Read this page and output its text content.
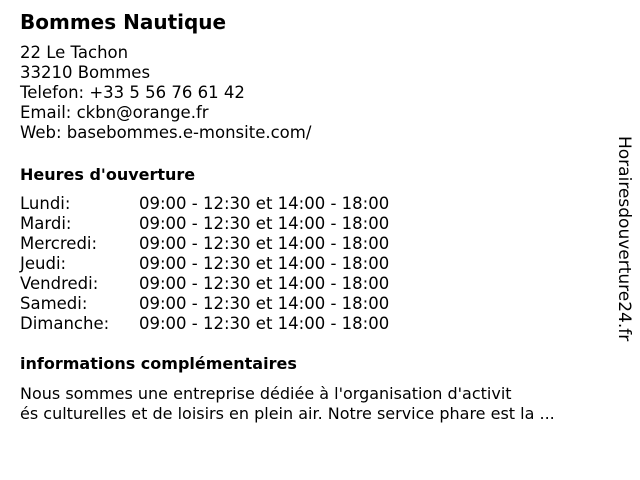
Bommes Nautique
22 Le Tachon
33210 Bommes
Telefon: +33 5 56 76 61 42
Email: ckbn@orange.fr
Web: basebommes.e-monsite.com/
Heures d'ouverture
Lundi:	09:00 - 12:30 et 14:00 - 18:00
Mardi:	09:00 - 12:30 et 14:00 - 18:00
Mercredi:	09:00 - 12:30 et 14:00 - 18:00
Jeudi:	09:00 - 12:30 et 14:00 - 18:00
Vendredi: 09:00 - 12:30 et 14:00 - 18:00
Samedi:	09:00 - 12:30 et 14:00 - 18:00
Dimanche: 09:00 - 12:30 et 14:00 - 18:00
informations complémentaires
Nous sommes une entreprise dédiée à l'organisation d'activit
és culturelles et de loisirs en plein air. Notre service phare est la ...
Horairesdouverture24.fr
